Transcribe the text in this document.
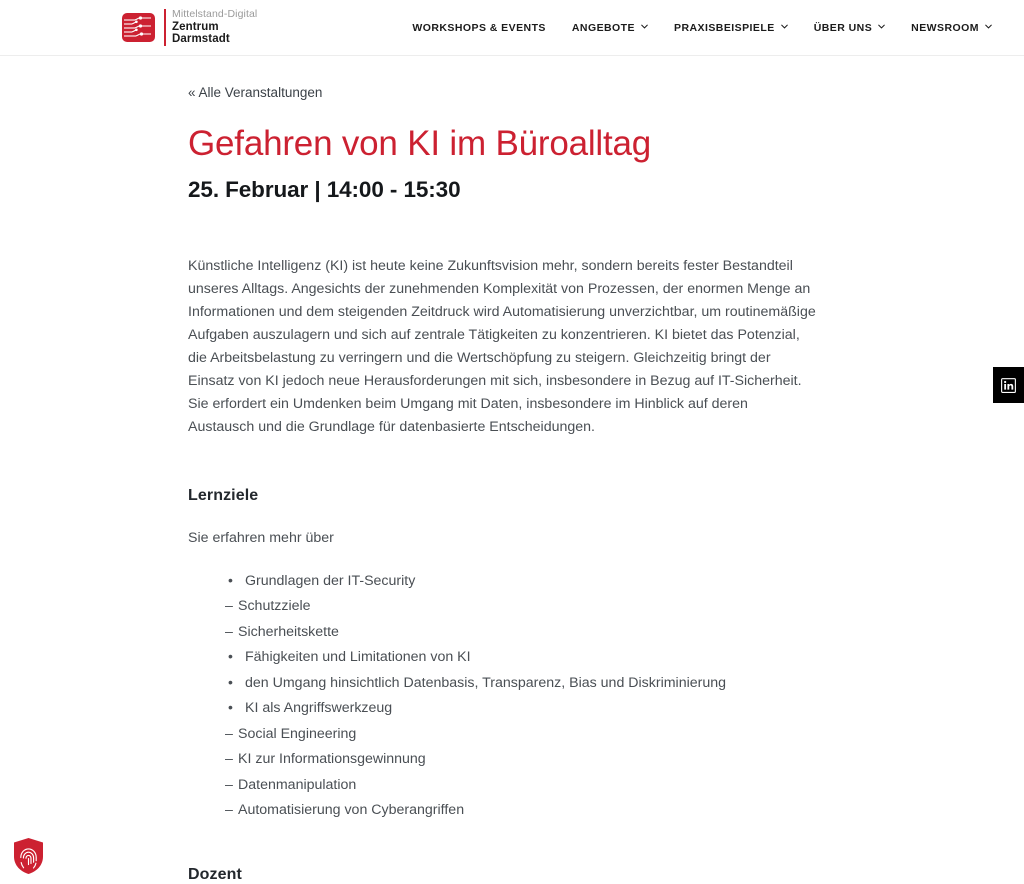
Mittelstand-Digital
Zentrum
Darmstadt
WORKSHOPS & EVENTS ANGEBOTE	PRAXISBEISPIELE	ÜBER UNS	NEWSROOM
« Alle Veranstaltungen
Gefahren von KI im Büroalltag
25. Februar | 14:00 - 15:30

Künstliche Intelligenz (KI) ist heute keine Zukunftsvision mehr, sondern bereits fester Bestandteil unseres Alltags. Angesichts der zunehmenden Komplexität von Prozessen, der enormen Menge an Informationen und dem steigenden Zeitdruck wird Automatisierung unverzichtbar, um routinemäßige Aufgaben auszulagern und sich auf zentrale Tätigkeiten zu konzentrieren. KI bietet das Potenzial, die Arbeitsbelastung zu verringern und die Wertschöpfung zu steigern. Gleichzeitig bringt der Einsatz von KI jedoch neue Herausforderungen mit sich, insbesondere in Bezug auf IT-Sicherheit. Sie erfordert ein Umdenken beim Umgang mit Daten, insbesondere im Hinblick auf deren Austausch und die Grundlage für datenbasierte Entscheidungen.

Lernziele

Sie erfahren mehr über

• Grundlagen der IT-Security
– Schutzziele
– Sicherheitskette
• Fähigkeiten und Limitationen von KI
• den Umgang hinsichtlich Datenbasis, Transparenz, Bias und Diskriminierung
• KI als Angriffswerkzeug
– Social Engineering
– KI zur Informationsgewinnung
– Datenmanipulation
– Automatisierung von Cyberangriffen
Dozent
